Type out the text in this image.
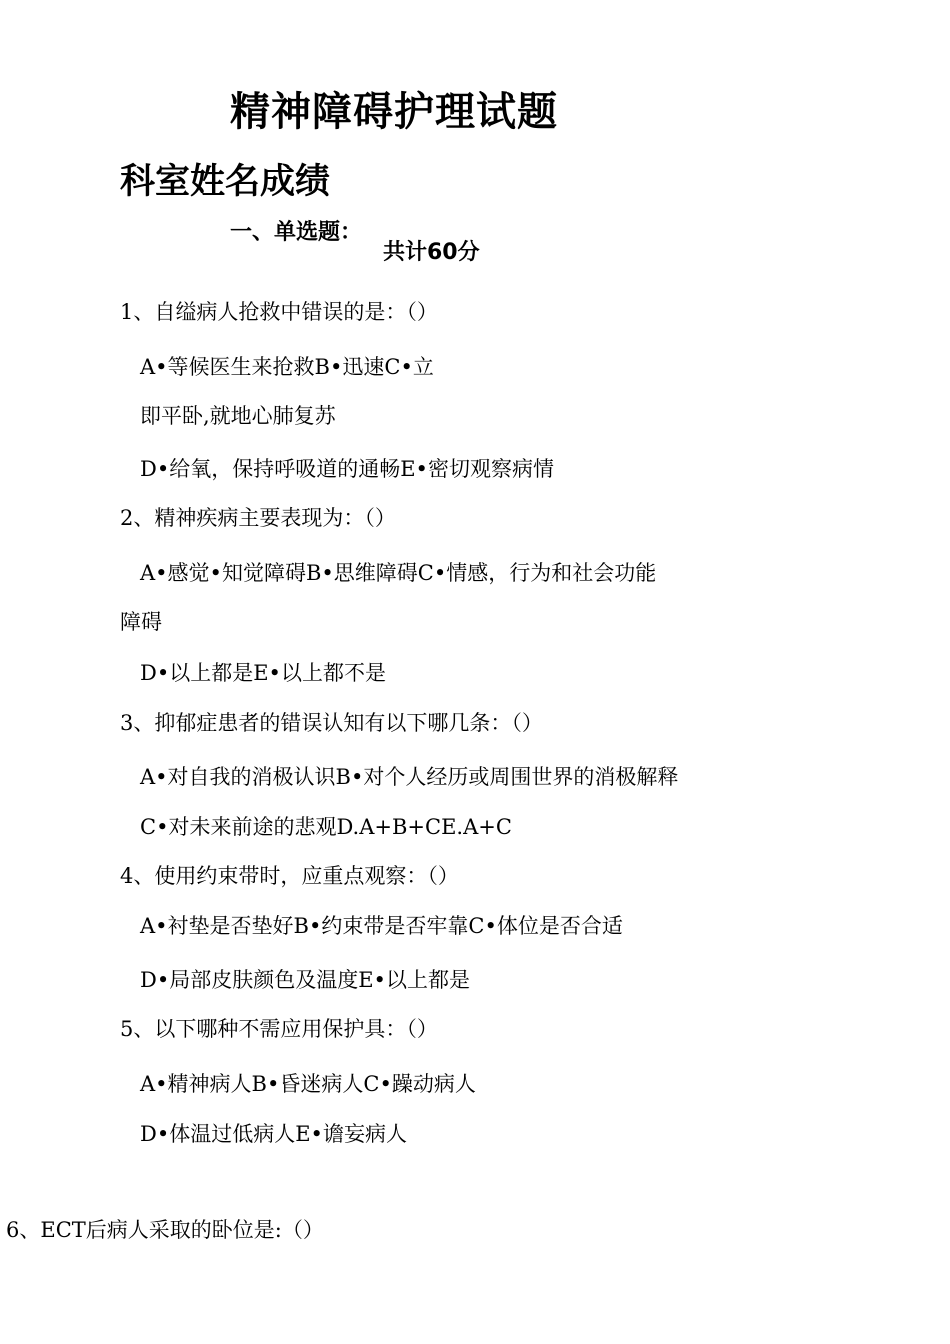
精神障碍护理试题
科室姓名成绩
一、单选题：
共计60分
1、自缢病人抢救中错误的是：（）
A•等候医生来抢救B•迅速C•立
即平卧,就地心肺复苏
D•给氧，保持呼吸道的通畅E•密切观察病情
2、精神疾病主要表现为：（）
A•感觉•知觉障碍B•思维障碍C•情感，行为和社会功能
障碍
D•以上都是E•以上都不是
3、抑郁症患者的错误认知有以下哪几条：（）
A•对自我的消极认识B•对个人经历或周围世界的消极解释
C•对未来前途的悲观D.A+B+CE.A+C
4、使用约束带时，应重点观察：（）
A•衬垫是否垫好B•约束带是否牢靠C•体位是否合适
D•局部皮肤颜色及温度E•以上都是
5、以下哪种不需应用保护具：（）
A•精神病人B•昏迷病人C•躁动病人
D•体温过低病人E•谵妄病人
6、ECT后病人采取的卧位是:（）
